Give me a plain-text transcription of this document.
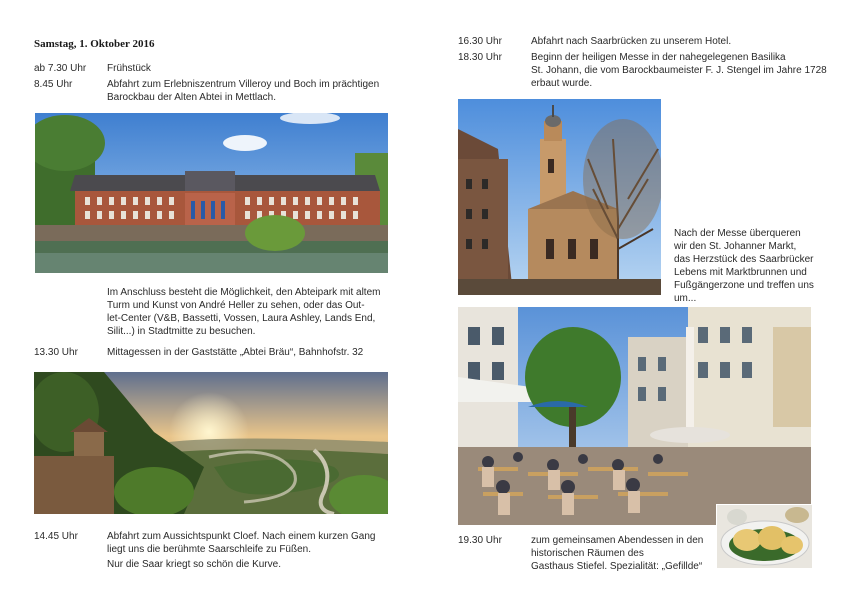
Samstag, 1. Oktober 2016
ab 7.30 Uhr	Frühstück
8.45 Uhr	Abfahrt zum Erlebniszentrum Villeroy und Boch im prächtigen
Barockbau der Alten Abtei in Mettlach.
Im Anschluss besteht die Möglichkeit, den Abteipark mit altem
Turm und Kunst von André Heller zu sehen, oder das Out-
let-Center (V&B, Bassetti, Vossen, Laura Ashley, Lands End,
Silit...) in Stadtmitte zu besuchen.
13.30 Uhr	Mittagessen in der Gaststätte „Abtei Bräu“, Bahnhofstr. 32
14.45 Uhr	Abfahrt zum Aussichtspunkt Cloef. Nach einem kurzen Gang
liegt uns die berühmte Saarschleife zu Füßen.
Nur die Saar kriegt so schön die Kurve.
16.30 Uhr	Abfahrt nach Saarbrücken zu unserem Hotel.
18.30 Uhr	Beginn der heiligen Messe in der nahegelegenen Basilika
St. Johann, die vom Barockbaumeister F. J. Stengel im Jahre 1728
erbaut wurde.
Nach der Messe überqueren
wir den St. Johanner Markt,
das Herzstück des Saarbrücker
Lebens mit Marktbrunnen und
Fußgängerzone und treffen uns
um...
19.30 Uhr	zum gemeinsamen Abendessen in den
historischen Räumen des
Gasthaus Stiefel. Spezialität: „Gefillde“
